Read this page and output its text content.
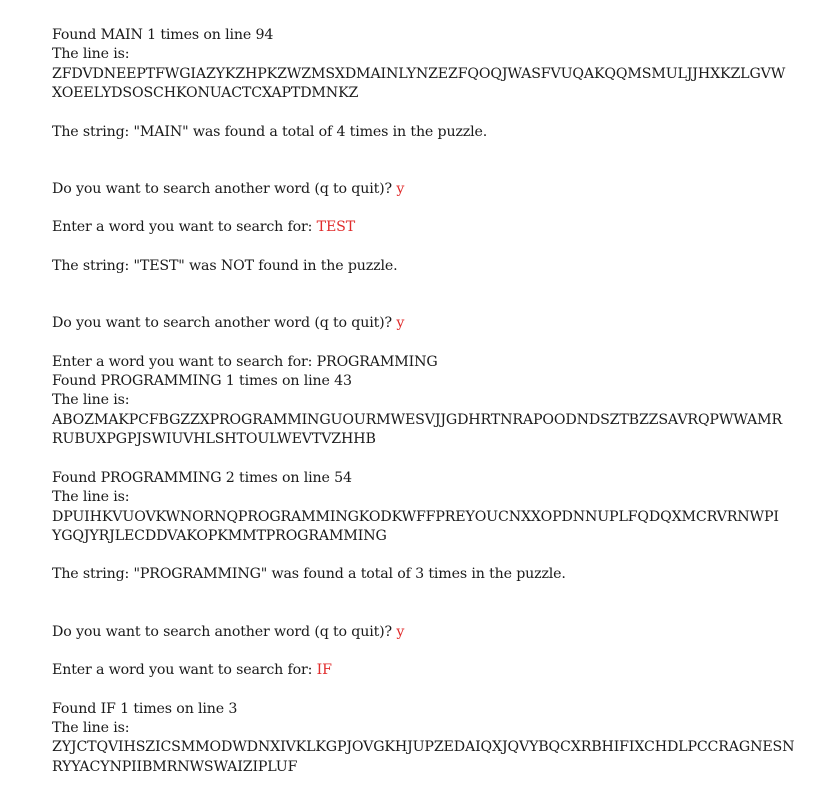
Found MAIN 1 times on line 94
The line is:
ZFDVDNEEPTFWGIAZYKZHPKZWZMSXDMAINLYNZEZFQOQJWASFVUQAKQQMSMULJJHXKZLGVW
XOEELYDSOSCHKONUACTCXAPTDMNKZ
The string: "MAIN" was found a total of 4 times in the puzzle.
Do you want to search another word (q to quit)? y
Enter a word you want to search for: TEST
The string: "TEST" was NOT found in the puzzle.
Do you want to search another word (q to quit)? y
Enter a word you want to search for: PROGRAMMING
Found PROGRAMMING 1 times on line 43
The line is:
ABOZMAKPCFBGZZXPROGRAMMINGUOURMWESVJJGDHRTNRAPOODNDSZTBZZSAVRQPWWAMR
RUBUXPGPJSWIUVHLSHTOULWEVTVZHHB
Found PROGRAMMING 2 times on line 54
The line is:
DPUIHKVUOVKWNORNQPROGRAMMINGKODKWFFPREYOUCNXXOPDNNUPLFQDQXMCRVRNWPI
YGQJYRJLECDDVAKOPKMMTPROGRAMMING
The string: "PROGRAMMING" was found a total of 3 times in the puzzle.
Do you want to search another word (q to quit)? y
Enter a word you want to search for: IF
Found IF 1 times on line 3
The line is:
ZYJCTQVIHSZICSMMODWDNXIVKLKGPJOVGKHJUPZEDAIQXJQVYBQCXRBHIFIXCHDLPCCRAGNESN
RYYACYNPIIBMRNWSWAIZIPLUF
